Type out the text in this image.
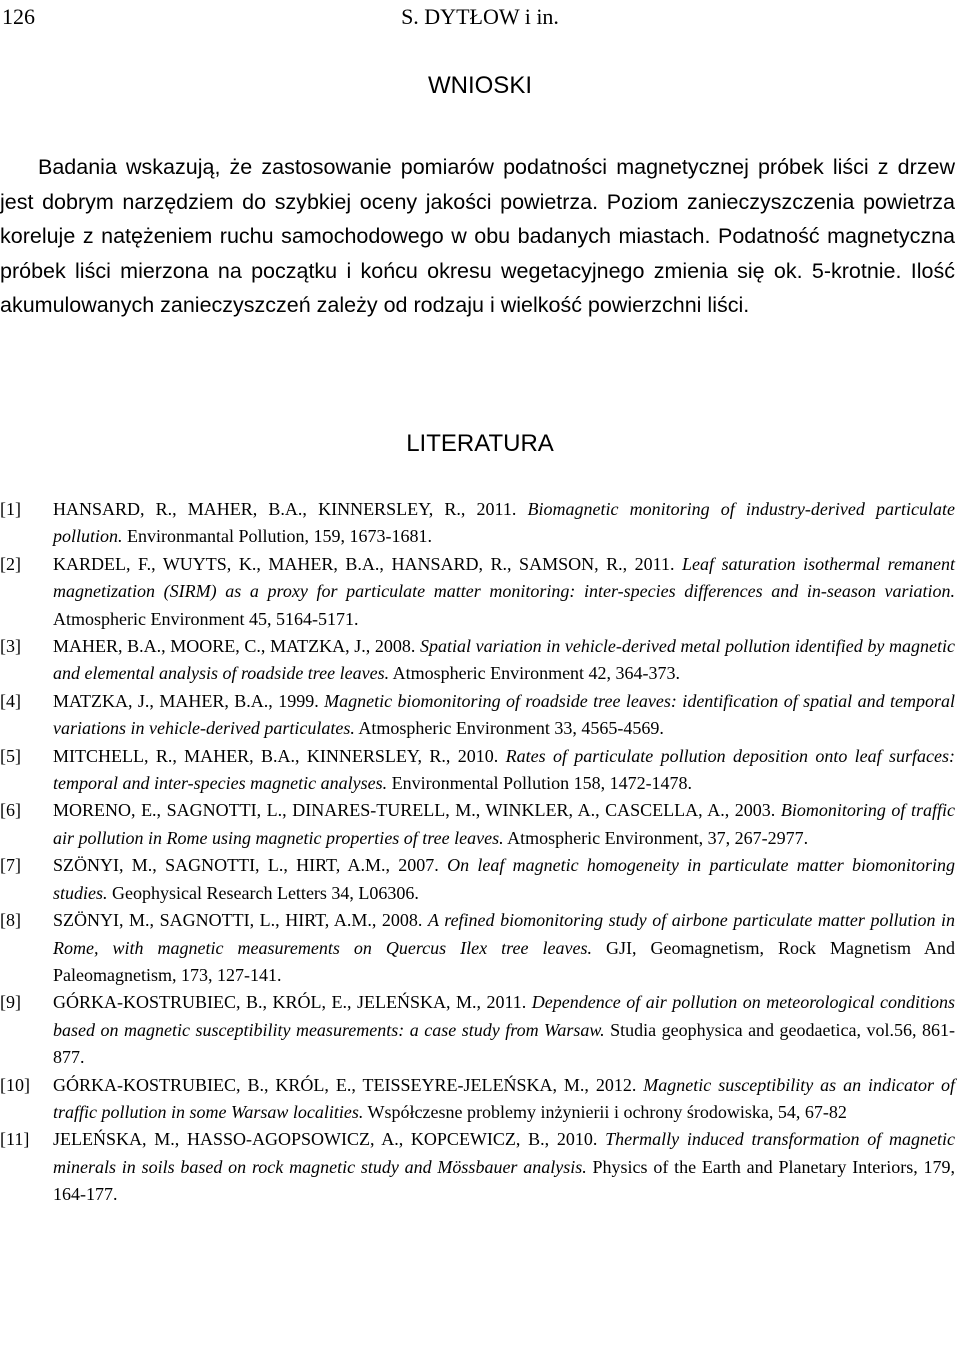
126	S. DYTŁOW i in.
WNIOSKI

Badania wskazują, że zastosowanie pomiarów podatności magnetycznej próbek liści z drzew jest dobrym narzędziem do szybkiej oceny jakości powietrza. Poziom zanieczyszczenia powietrza koreluje z natężeniem ruchu samochodowego w obu badanych miastach. Podatność magnetyczna próbek liści mierzona na początku i końcu okresu wegetacyjnego zmienia się ok. 5-krotnie. Ilość akumulowanych zanieczyszczeń zależy od rodzaju i wielkość powierzchni liści.

LITERATURA
[1] HANSARD, R., MAHER, B.A., KINNERSLEY, R., 2011. Biomagnetic monitoring of industry-derived particulate pollution. Environmantal Pollution, 159, 1673-1681.
[2] KARDEL, F., WUYTS, K., MAHER, B.A., HANSARD, R., SAMSON, R., 2011. Leaf saturation isothermal remanent magnetization (SIRM) as a proxy for particulate matter monitoring: inter-species differences and in-season variation. Atmospheric Environment 45, 5164-5171.
[3] MAHER, B.A., MOORE, C., MATZKA, J., 2008. Spatial variation in vehicle-derived metal pollution identified by magnetic and elemental analysis of roadside tree leaves. Atmospheric Environment 42, 364-373.
[4] MATZKA, J., MAHER, B.A., 1999. Magnetic biomonitoring of roadside tree leaves: identification of spatial and temporal variations in vehicle-derived particulates. Atmospheric Environment 33, 4565-4569.
[5] MITCHELL, R., MAHER, B.A., KINNERSLEY, R., 2010. Rates of particulate pollution deposition onto leaf surfaces: temporal and inter-species magnetic analyses. Environmental Pollution 158, 1472-1478.
[6] MORENO, E., SAGNOTTI, L., DINARES-TURELL, M., WINKLER, A., CASCELLA, A., 2003. Biomonitoring of traffic air pollution in Rome using magnetic properties of tree leaves. Atmospheric Environment, 37, 267-2977.
[7] SZÖNYI, M., SAGNOTTI, L., HIRT, A.M., 2007. On leaf magnetic homogeneity in particulate matter biomonitoring studies. Geophysical Research Letters 34, L06306.
[8] SZÖNYI, M., SAGNOTTI, L., HIRT, A.M., 2008. A refined biomonitoring study of airbone particulate matter pollution in Rome, with magnetic measurements on Quercus Ilex tree leaves. GJI, Geomagnetism, Rock Magnetism And Paleomagnetism, 173, 127-141.
[9] GÓRKA-KOSTRUBIEC, B., KRÓL, E., JELEŃSKA, M., 2011. Dependence of air pollution on meteorological conditions based on magnetic susceptibility measurements: a case study from Warsaw. Studia geophysica and geodaetica, vol.56, 861-877.
[10] GÓRKA-KOSTRUBIEC, B., KRÓL, E., TEISSEYRE-JELEŃSKA, M., 2012. Magnetic susceptibility as an indicator of traffic pollution in some Warsaw localities. Współczesne problemy inżynierii i ochrony środowiska, 54, 67-82
[11] JELEŃSKA, M., HASSO-AGOPSOWICZ, A., KOPCEWICZ, B., 2010. Thermally induced transformation of magnetic minerals in soils based on rock magnetic study and Mössbauer analysis. Physics of the Earth and Planetary Interiors, 179, 164-177.
